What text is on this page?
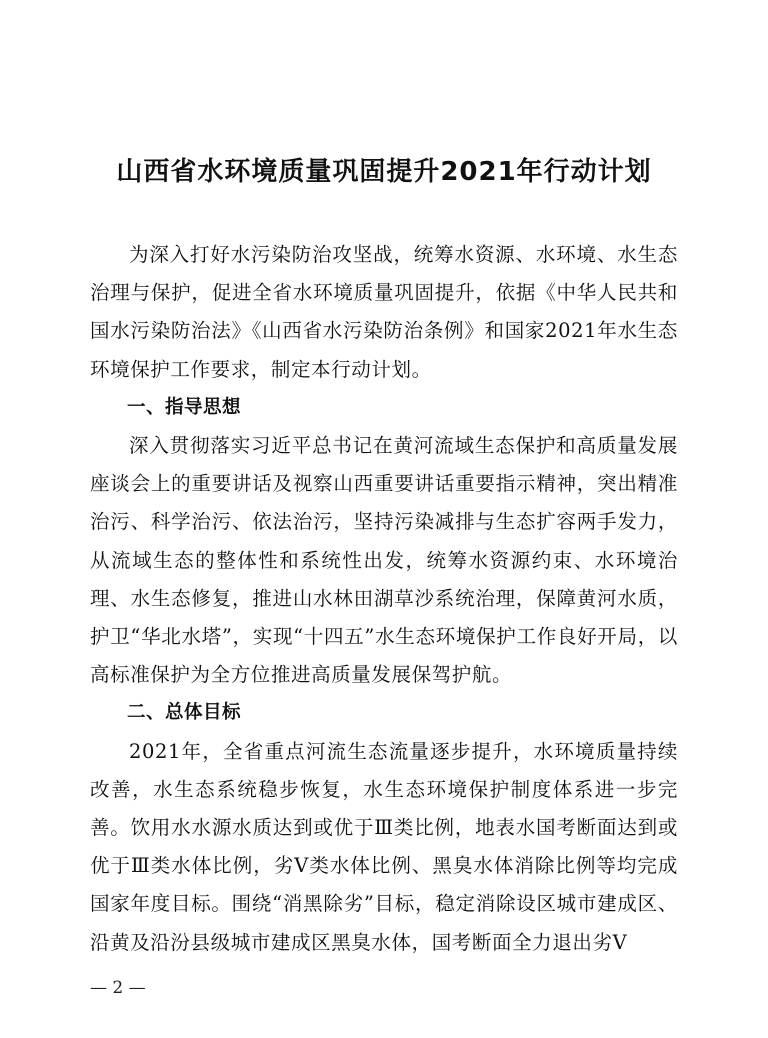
山西省水环境质量巩固提升2021年行动计划

为深入打好水污染防治攻坚战，统筹水资源、水环境、水生态治理与保护，促进全省水环境质量巩固提升，依据《中华人民共和国水污染防治法》《山西省水污染防治条例》和国家2021年水生态环境保护工作要求，制定本行动计划。

一、指导思想

深入贯彻落实习近平总书记在黄河流域生态保护和高质量发展座谈会上的重要讲话及视察山西重要讲话重要指示精神，突出精准治污、科学治污、依法治污，坚持污染减排与生态扩容两手发力，从流域生态的整体性和系统性出发，统筹水资源约束、水环境治理、水生态修复，推进山水林田湖草沙系统治理，保障黄河水质，护卫“华北水塔”，实现“十四五”水生态环境保护工作良好开局，以高标准保护为全方位推进高质量发展保驾护航。

二、总体目标

2021年，全省重点河流生态流量逐步提升，水环境质量持续改善，水生态系统稳步恢复，水生态环境保护制度体系进一步完善。饮用水水源水质达到或优于Ⅲ类比例，地表水国考断面达到或优于Ⅲ类水体比例，劣Ⅴ类水体比例、黑臭水体消除比例等均完成国家年度目标。围绕“消黑除劣”目标，稳定消除设区城市建成区、沿黄及沿汾县级城市建成区黑臭水体，国考断面全力退出劣Ⅴ

— 2 —
